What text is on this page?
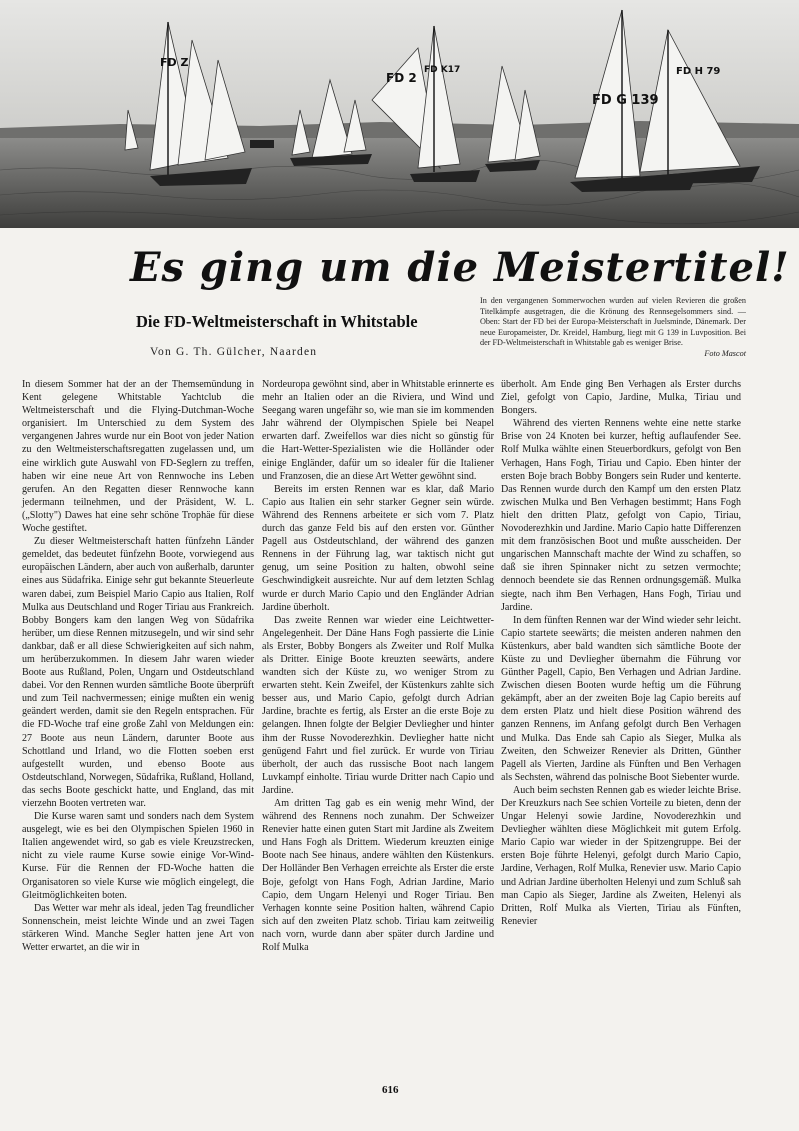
FD Z
FD H 79
FD K17
FD G 139
FD 2
Es ging um die Meistertitel!
Die FD-Weltmeisterschaft in Whitstable
Von G. Th. Gülcher, Naarden
In den vergangenen Sommerwochen wurden auf vielen Revieren die großen Titelkämpfe ausgetragen, die die Krönung des Rennsegelsommers sind. — Oben: Start der FD bei der Europa-Meisterschaft in Juelsminde, Dänemark. Der neue Europameister, Dr. Kreidel, Hamburg, liegt mit G 139 in Luvposition. Bei der FD-Weltmeisterschaft in Whitstable gab es weniger Brise.
Foto Mascot

In diesem Sommer hat der an der Themsemündung in Kent gelegene Whitstable Yachtclub die Weltmeisterschaft und die Flying-Dutchman-Woche organisiert. Im Unterschied zu dem System des vergangenen Jahres wurde nur ein Boot von jeder Nation zu den Weltmeisterschaftsregatten zugelassen und, um eine wirklich gute Auswahl von FD-Seglern zu treffen, haben wir eine neue Art von Rennwoche ins Leben gerufen. An den Regatten dieser Rennwoche kann jedermann teilnehmen, und der Präsident, W. L. („Slotty") Dawes hat eine sehr schöne Trophäe für diese Woche gestiftet.

Zu dieser Weltmeisterschaft hatten fünfzehn Länder gemeldet, das bedeutet fünfzehn Boote, vorwiegend aus europäischen Ländern, aber auch von außerhalb, darunter eines aus Südafrika. Einige sehr gut bekannte Steuerleute waren dabei, zum Beispiel Mario Capio aus Italien, Rolf Mulka aus Deutschland und Roger Tiriau aus Frankreich. Bobby Bongers kam den langen Weg von Südafrika herüber, um diese Rennen mitzusegeln, und wir sind sehr dankbar, daß er all diese Schwierigkeiten auf sich nahm, um herüberzukommen. In diesem Jahr waren wieder Boote aus Rußland, Polen, Ungarn und Ostdeutschland dabei. Vor den Rennen wurden sämtliche Boote überprüft und zum Teil nachvermessen; einige mußten ein wenig geändert werden, damit sie den Regeln entsprachen. Für die FD-Woche traf eine große Zahl von Meldungen ein: 27 Boote aus neun Ländern, darunter Boote aus Schottland und Irland, wo die Flotten soeben erst aufgestellt wurden, und ebenso Boote aus Ostdeutschland, Norwegen, Südafrika, Rußland, Holland, das sechs Boote geschickt hatte, und England, das mit vierzehn Booten vertreten war.

Die Kurse waren samt und sonders nach dem System ausgelegt, wie es bei den Olympischen Spielen 1960 in Italien angewendet wird, so gab es viele Kreuzstrecken, nicht zu viele raume Kurse sowie einige Vor-Wind-Kurse. Für die Rennen der FD-Woche hatten die Organisatoren so viele Kurse wie möglich eingelegt, die Gleitmöglichkeiten boten.

Das Wetter war mehr als ideal, jeden Tag freundlicher Sonnenschein, meist leichte Winde und an zwei Tagen stärkeren Wind. Manche Segler hatten jene Art von Wetter erwartet, an die wir in

Nordeuropa gewöhnt sind, aber in Whitstable erinnerte es mehr an Italien oder an die Riviera, und Wind und Seegang waren ungefähr so, wie man sie im kommenden Jahr während der Olympischen Spiele bei Neapel erwarten darf. Zweifellos war dies nicht so günstig für die Hart-Wetter-Spezialisten wie die Holländer oder einige Engländer, dafür um so idealer für die Italiener und Franzosen, die an diese Art Wetter gewöhnt sind.

Bereits im ersten Rennen war es klar, daß Mario Capio aus Italien ein sehr starker Gegner sein würde. Während des Rennens arbeitete er sich vom 7. Platz durch das ganze Feld bis auf den ersten vor. Günther Pagell aus Ostdeutschland, der während des ganzen Rennens in der Führung lag, war taktisch nicht gut genug, um seine Position zu halten, obwohl seine Geschwindigkeit ausreichte. Nur auf dem letzten Schlag wurde er durch Mario Capio und den Engländer Adrian Jardine überholt.

Das zweite Rennen war wieder eine Leichtwetter-Angelegenheit. Der Däne Hans Fogh passierte die Linie als Erster, Bobby Bongers als Zweiter und Rolf Mulka als Dritter. Einige Boote kreuzten seewärts, andere wandten sich der Küste zu, wo weniger Strom zu erwarten steht. Kein Zweifel, der Küstenkurs zahlte sich besser aus, und Mario Capio, gefolgt durch Adrian Jardine, brachte es fertig, als Erster an die erste Boje zu gelangen. Ihnen folgte der Belgier Devliegher und hinter ihm der Russe Novoderezhkin. Devliegher hatte nicht genügend Fahrt und fiel zurück. Er wurde von Tiriau überholt, der auch das russische Boot nach langem Luvkampf einholte. Tiriau wurde Dritter nach Capio und Jardine.

Am dritten Tag gab es ein wenig mehr Wind, der während des Rennens noch zunahm. Der Schweizer Renevier hatte einen guten Start mit Jardine als Zweitem und Hans Fogh als Drittem. Wiederum kreuzten einige Boote nach See hinaus, andere wählten den Küstenkurs. Der Holländer Ben Verhagen erreichte als Erster die erste Boje, gefolgt von Hans Fogh, Adrian Jardine, Mario Capio, dem Ungarn Helenyi und Roger Tiriau. Ben Verhagen konnte seine Position halten, während Capio sich auf den zweiten Platz schob. Tiriau kam zeitweilig nach vorn, wurde dann aber später durch Jardine und Rolf Mulka

überholt. Am Ende ging Ben Verhagen als Erster durchs Ziel, gefolgt von Capio, Jardine, Mulka, Tiriau und Bongers.

Während des vierten Rennens wehte eine nette starke Brise von 24 Knoten bei kurzer, heftig auflaufender See. Rolf Mulka wählte einen Steuerbordkurs, gefolgt von Ben Verhagen, Hans Fogh, Tiriau und Capio. Eben hinter der ersten Boje brach Bobby Bongers sein Ruder und kenterte. Das Rennen wurde durch den Kampf um den ersten Platz zwischen Mulka und Ben Verhagen bestimmt; Hans Fogh hielt den dritten Platz, gefolgt von Capio, Tiriau, Novoderezhkin und Jardine. Mario Capio hatte Differenzen mit dem französischen Boot und mußte ausscheiden. Der ungarischen Mannschaft machte der Wind zu schaffen, so daß sie ihren Spinnaker nicht zu setzen vermochte; dennoch beendete sie das Rennen ordnungsgemäß. Mulka siegte, nach ihm Ben Verhagen, Hans Fogh, Tiriau und Jardine.

In dem fünften Rennen war der Wind wieder sehr leicht. Capio startete seewärts; die meisten anderen nahmen den Küstenkurs, aber bald wandten sich sämtliche Boote der Küste zu und Devliegher übernahm die Führung vor Günther Pagell, Capio, Ben Verhagen und Adrian Jardine. Zwischen diesen Booten wurde heftig um die Führung gekämpft, aber an der zweiten Boje lag Capio bereits auf dem ersten Platz und hielt diese Position während des ganzen Rennens, im Anfang gefolgt durch Ben Verhagen und Mulka. Das Ende sah Capio als Sieger, Mulka als Zweiten, den Schweizer Renevier als Dritten, Günther Pagell als Vierten, Jardine als Fünften und Ben Verhagen als Sechsten, während das polnische Boot Siebenter wurde.

Auch beim sechsten Rennen gab es wieder leichte Brise. Der Kreuzkurs nach See schien Vorteile zu bieten, denn der Ungar Helenyi sowie Jardine, Novoderezhkin und Devliegher wählten diese Möglichkeit mit gutem Erfolg. Mario Capio war wieder in der Spitzengruppe. Bei der ersten Boje führte Helenyi, gefolgt durch Mario Capio, Jardine, Verhagen, Rolf Mulka, Renevier usw. Mario Capio und Adrian Jardine überholten Helenyi und zum Schluß sah man Capio als Sieger, Jardine als Zweiten, Helenyi als Dritten, Rolf Mulka als Vierten, Tiriau als Fünften, Renevier

616
